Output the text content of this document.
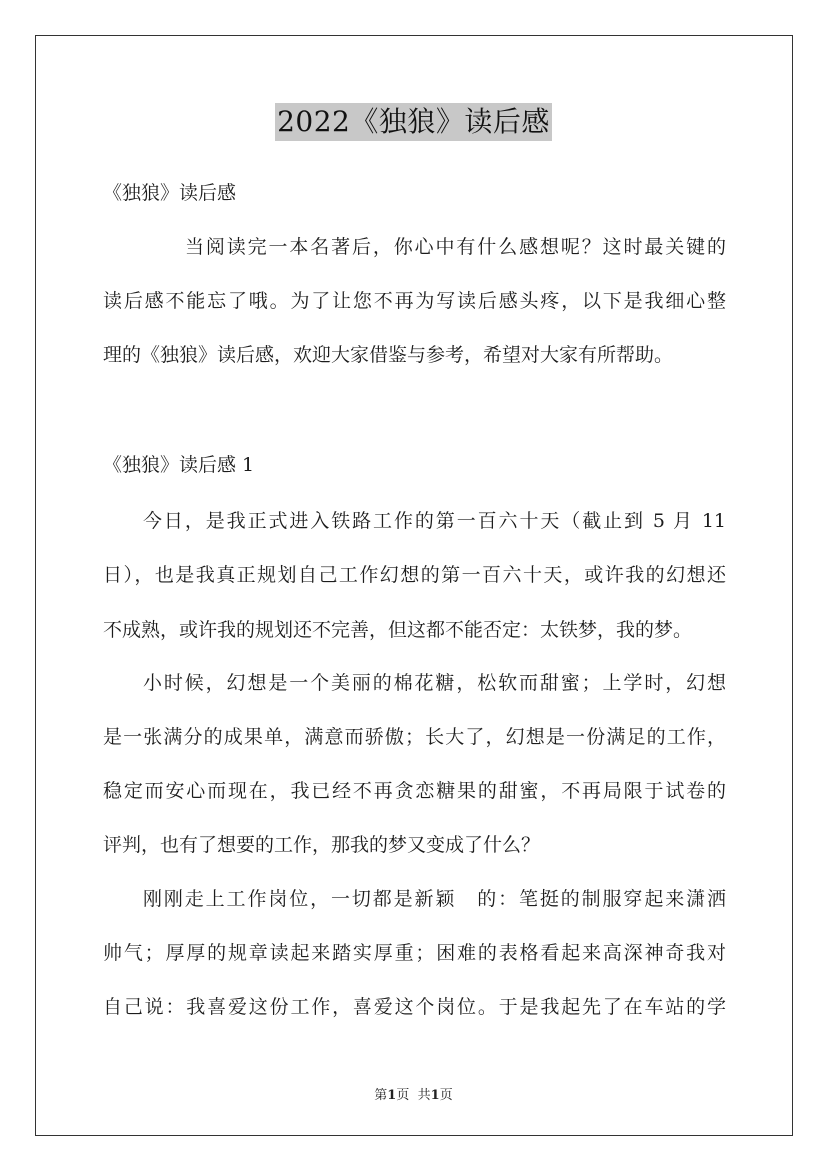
2022《独狼》读后感
《独狼》读后感
当阅读完一本名著后，你心中有什么感想呢？这时最关键的
读后感不能忘了哦。为了让您不再为写读后感头疼，以下是我细心整
理的《独狼》读后感，欢迎大家借鉴与参考，希望对大家有所帮助。
《独狼》读后感 1
今日，是我正式进入铁路工作的第一百六十天（截止到 5 月 11
日），也是我真正规划自己工作幻想的第一百六十天，或许我的幻想还
不成熟，或许我的规划还不完善，但这都不能否定：太铁梦，我的梦。
小时候，幻想是一个美丽的棉花糖，松软而甜蜜；上学时，幻想
是一张满分的成果单，满意而骄傲；长大了，幻想是一份满足的工作，
稳定而安心而现在，我已经不再贪恋糖果的甜蜜，不再局限于试卷的
评判，也有了想要的工作，那我的梦又变成了什么？
刚刚走上工作岗位，一切都是新颖　的：笔挺的制服穿起来潇洒
帅气；厚厚的规章读起来踏实厚重；困难的表格看起来高深神奇我对
自己说：我喜爱这份工作，喜爱这个岗位。于是我起先了在车站的学
第1页 共1页
